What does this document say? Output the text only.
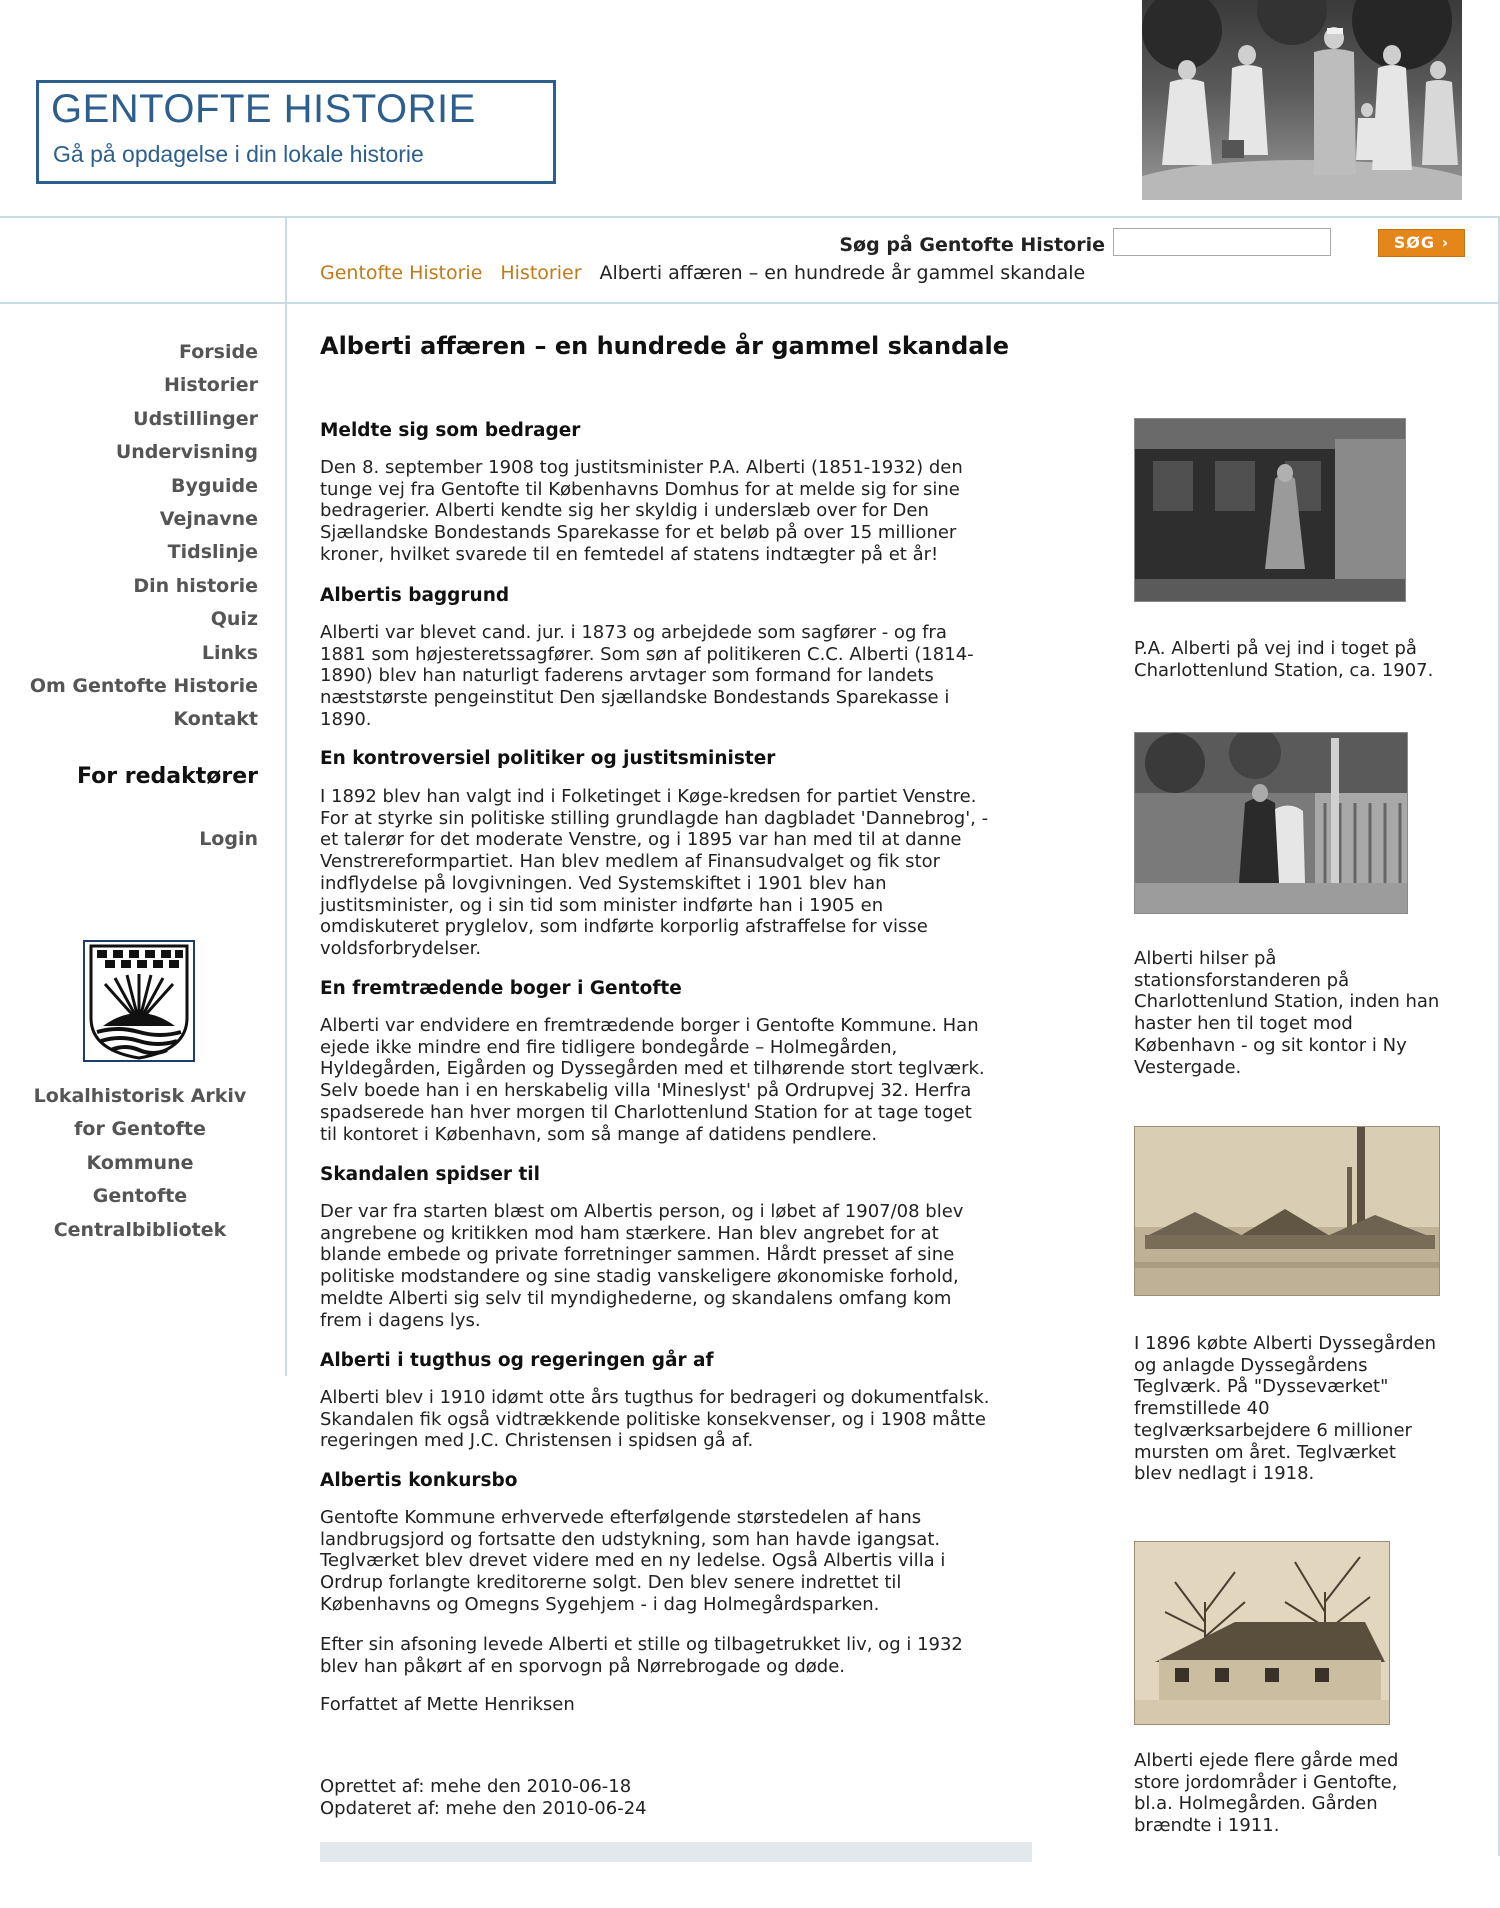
GENTOFTE HISTORIE
Gå på opdagelse i din lokale historie
Søg på Gentofte Historie	SØG ›
Gentofte Historie Historier Alberti affæren – en hundrede år gammel skandale
Forside
Historier
Udstillinger
Undervisning
Byguide
Vejnavne
Tidslinje
Din historie
Quiz
Links
Om Gentofte Historie
Kontakt
For redaktører
Login
Lokalhistorisk Arkiv
for Gentofte
Kommune
Gentofte
Centralbibliotek
Alberti affæren – en hundrede år gammel skandale
Meldte sig som bedrager
Den 8. september 1908 tog justitsminister P.A. Alberti (1851-1932) den
tunge vej fra Gentofte til Københavns Domhus for at melde sig for sine
bedragerier. Alberti kendte sig her skyldig i underslæb over for Den
Sjællandske Bondestands Sparekasse for et beløb på over 15 millioner
kroner, hvilket svarede til en femtedel af statens indtægter på et år!
Albertis baggrund
Alberti var blevet cand. jur. i 1873 og arbejdede som sagfører - og fra
1881 som højesteretssagfører. Som søn af politikeren C.C. Alberti (1814-
1890) blev han naturligt faderens arvtager som formand for landets
næststørste pengeinstitut Den sjællandske Bondestands Sparekasse i
1890.
En kontroversiel politiker og justitsminister
I 1892 blev han valgt ind i Folketinget i Køge-kredsen for partiet Venstre.
For at styrke sin politiske stilling grundlagde han dagbladet 'Dannebrog', -
et talerør for det moderate Venstre, og i 1895 var han med til at danne
Venstrereformpartiet. Han blev medlem af Finansudvalget og fik stor
indflydelse på lovgivningen. Ved Systemskiftet i 1901 blev han
justitsminister, og i sin tid som minister indførte han i 1905 en
omdiskuteret pryglelov, som indførte korporlig afstraffelse for visse
voldsforbrydelser.
En fremtrædende boger i Gentofte
Alberti var endvidere en fremtrædende borger i Gentofte Kommune. Han
ejede ikke mindre end fire tidligere bondegårde – Holmegården,
Hyldegården, Eigården og Dyssegården med et tilhørende stort teglværk.
Selv boede han i en herskabelig villa 'Mineslyst' på Ordrupvej 32. Herfra
spadserede han hver morgen til Charlottenlund Station for at tage toget
til kontoret i København, som så mange af datidens pendlere.
Skandalen spidser til
Der var fra starten blæst om Albertis person, og i løbet af 1907/08 blev
angrebene og kritikken mod ham stærkere. Han blev angrebet for at
blande embede og private forretninger sammen. Hårdt presset af sine
politiske modstandere og sine stadig vanskeligere økonomiske forhold,
meldte Alberti sig selv til myndighederne, og skandalens omfang kom
frem i dagens lys.
Alberti i tugthus og regeringen går af
Alberti blev i 1910 idømt otte års tugthus for bedrageri og dokumentfalsk.
Skandalen fik også vidtrækkende politiske konsekvenser, og i 1908 måtte
regeringen med J.C. Christensen i spidsen gå af.
Albertis konkursbo
Gentofte Kommune erhvervede efterfølgende størstedelen af hans
landbrugsjord og fortsatte den udstykning, som han havde igangsat.
Teglværket blev drevet videre med en ny ledelse. Også Albertis villa i
Ordrup forlangte kreditorerne solgt. Den blev senere indrettet til
Københavns og Omegns Sygehjem - i dag Holmegårdsparken.
Efter sin afsoning levede Alberti et stille og tilbagetrukket liv, og i 1932
blev han påkørt af en sporvogn på Nørrebrogade og døde.
Forfattet af Mette Henriksen
Oprettet af: mehe den 2010-06-18
Opdateret af: mehe den 2010-06-24
P.A. Alberti på vej ind i toget på
Charlottenlund Station, ca. 1907.
Alberti hilser på
stationsforstanderen på
Charlottenlund Station, inden han
haster hen til toget mod
København - og sit kontor i Ny
Vestergade.
I 1896 købte Alberti Dyssegården
og anlagde Dyssegårdens
Teglværk. På "Dysseværket"
fremstillede 40
teglværksarbejdere 6 millioner
mursten om året. Teglværket
blev nedlagt i 1918.
Alberti ejede flere gårde med
store jordområder i Gentofte,
bl.a. Holmegården. Gården
brændte i 1911.
